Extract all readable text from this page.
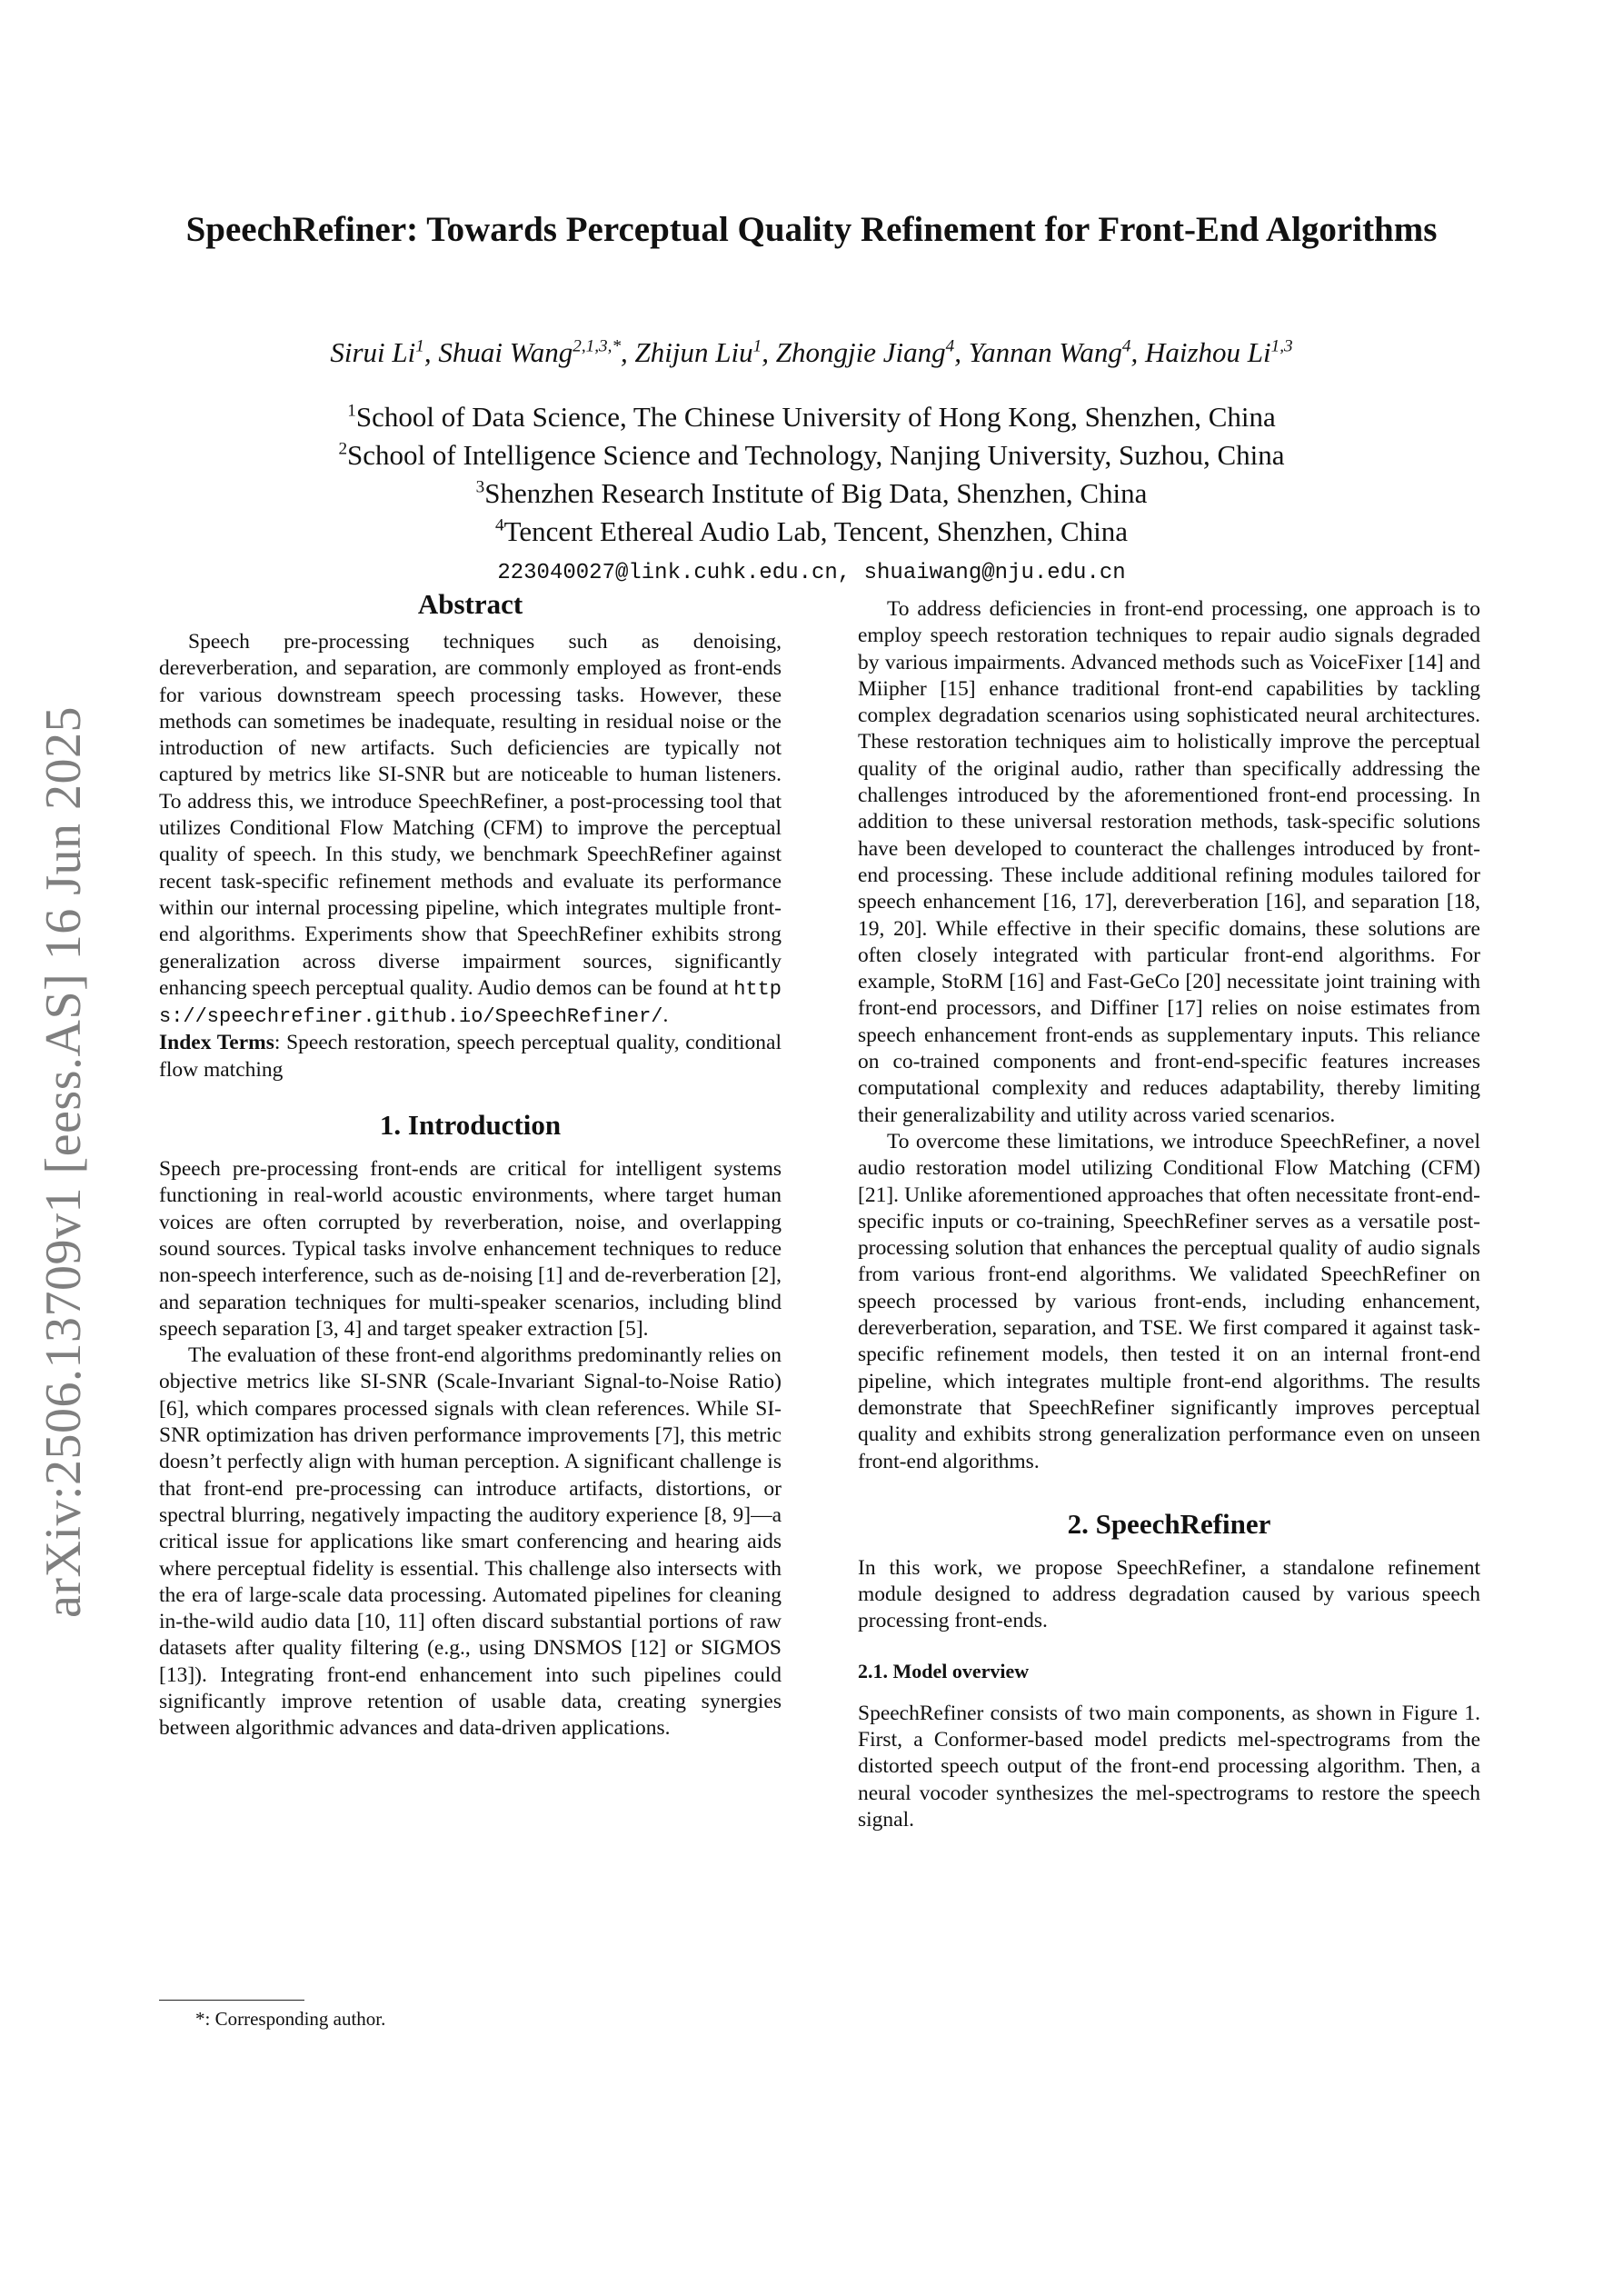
arXiv:2506.13709v1 [eess.AS] 16 Jun 2025
SpeechRefiner: Towards Perceptual Quality Refinement for Front-End Algorithms
Sirui Li$^1$, Shuai Wang$^{2,1,3,*}$, Zhijun Liu$^1$, Zhongjie Jiang$^4$, Yannan Wang$^4$, Haizhou Li$^{1,3}$
$^1$School of Data Science, The Chinese University of Hong Kong, Shenzhen, China
$^2$School of Intelligence Science and Technology, Nanjing University, Suzhou, China
$^3$Shenzhen Research Institute of Big Data, Shenzhen, China
$^4$Tencent Ethereal Audio Lab, Tencent, Shenzhen, China
223040027@link.cuhk.edu.cn, shuaiwang@nju.edu.cn
Abstract

Speech pre-processing techniques such as denoising, dereverberation, and separation, are commonly employed as front-ends for various downstream speech processing tasks. However, these methods can sometimes be inadequate, resulting in residual noise or the introduction of new artifacts. Such deficiencies are typically not captured by metrics like SI-SNR but are noticeable to human listeners. To address this, we introduce SpeechRefiner, a post-processing tool that utilizes Conditional Flow Matching (CFM) to improve the perceptual quality of speech. In this study, we benchmark SpeechRefiner against recent task-specific refinement methods and evaluate its performance within our internal processing pipeline, which integrates multiple front-end algorithms. Experiments show that SpeechRefiner exhibits strong generalization across diverse impairment sources, significantly enhancing speech perceptual quality. Audio demos can be found at https://speechrefiner.github.io/SpeechRefiner/.

Index Terms: Speech restoration, speech perceptual quality, conditional flow matching

1. Introduction

Speech pre-processing front-ends are critical for intelligent systems functioning in real-world acoustic environments, where target human voices are often corrupted by reverberation, noise, and overlapping sound sources. Typical tasks involve enhancement techniques to reduce non-speech interference, such as de-noising [1] and de-reverberation [2], and separation techniques for multi-speaker scenarios, including blind speech separation [3, 4] and target speaker extraction [5].

The evaluation of these front-end algorithms predominantly relies on objective metrics like SI-SNR (Scale-Invariant Signal-to-Noise Ratio) [6], which compares processed signals with clean references. While SI-SNR optimization has driven performance improvements [7], this metric doesn’t perfectly align with human perception. A significant challenge is that front-end pre-processing can introduce artifacts, distortions, or spectral blurring, negatively impacting the auditory experience [8, 9]—a critical issue for applications like smart conferencing and hearing aids where perceptual fidelity is essential. This challenge also intersects with the era of large-scale data processing. Automated pipelines for cleaning in-the-wild audio data [10, 11] often discard substantial portions of raw datasets after quality filtering (e.g., using DNSMOS [12] or SIGMOS [13]). Integrating front-end enhancement into such pipelines could significantly improve retention of usable data, creating synergies between algorithmic advances and data-driven applications.

*: Corresponding author.

To address deficiencies in front-end processing, one approach is to employ speech restoration techniques to repair audio signals degraded by various impairments. Advanced methods such as VoiceFixer [14] and Miipher [15] enhance traditional front-end capabilities by tackling complex degradation scenarios using sophisticated neural architectures. These restoration techniques aim to holistically improve the perceptual quality of the original audio, rather than specifically addressing the challenges introduced by the aforementioned front-end processing. In addition to these universal restoration methods, task-specific solutions have been developed to counteract the challenges introduced by front-end processing. These include additional refining modules tailored for speech enhancement [16, 17], dereverberation [16], and separation [18, 19, 20]. While effective in their specific domains, these solutions are often closely integrated with particular front-end algorithms. For example, StoRM [16] and Fast-GeCo [20] necessitate joint training with front-end processors, and Diffiner [17] relies on noise estimates from speech enhancement front-ends as supplementary inputs. This reliance on co-trained components and front-end-specific features increases computational complexity and reduces adaptability, thereby limiting their generalizability and utility across varied scenarios.

To overcome these limitations, we introduce SpeechRefiner, a novel audio restoration model utilizing Conditional Flow Matching (CFM) [21]. Unlike aforementioned approaches that often necessitate front-end-specific inputs or co-training, SpeechRefiner serves as a versatile post-processing solution that enhances the perceptual quality of audio signals from various front-end algorithms. We validated SpeechRefiner on speech processed by various front-ends, including enhancement, dereverberation, separation, and TSE. We first compared it against task-specific refinement models, then tested it on an internal front-end pipeline, which integrates multiple front-end algorithms. The results demonstrate that SpeechRefiner significantly improves perceptual quality and exhibits strong generalization performance even on unseen front-end algorithms.

2. SpeechRefiner

In this work, we propose SpeechRefiner, a standalone refinement module designed to address degradation caused by various speech processing front-ends.

2.1. Model overview

SpeechRefiner consists of two main components, as shown in Figure 1. First, a Conformer-based model predicts mel-spectrograms from the distorted speech output of the front-end processing algorithm. Then, a neural vocoder synthesizes the mel-spectrograms to restore the speech signal.
